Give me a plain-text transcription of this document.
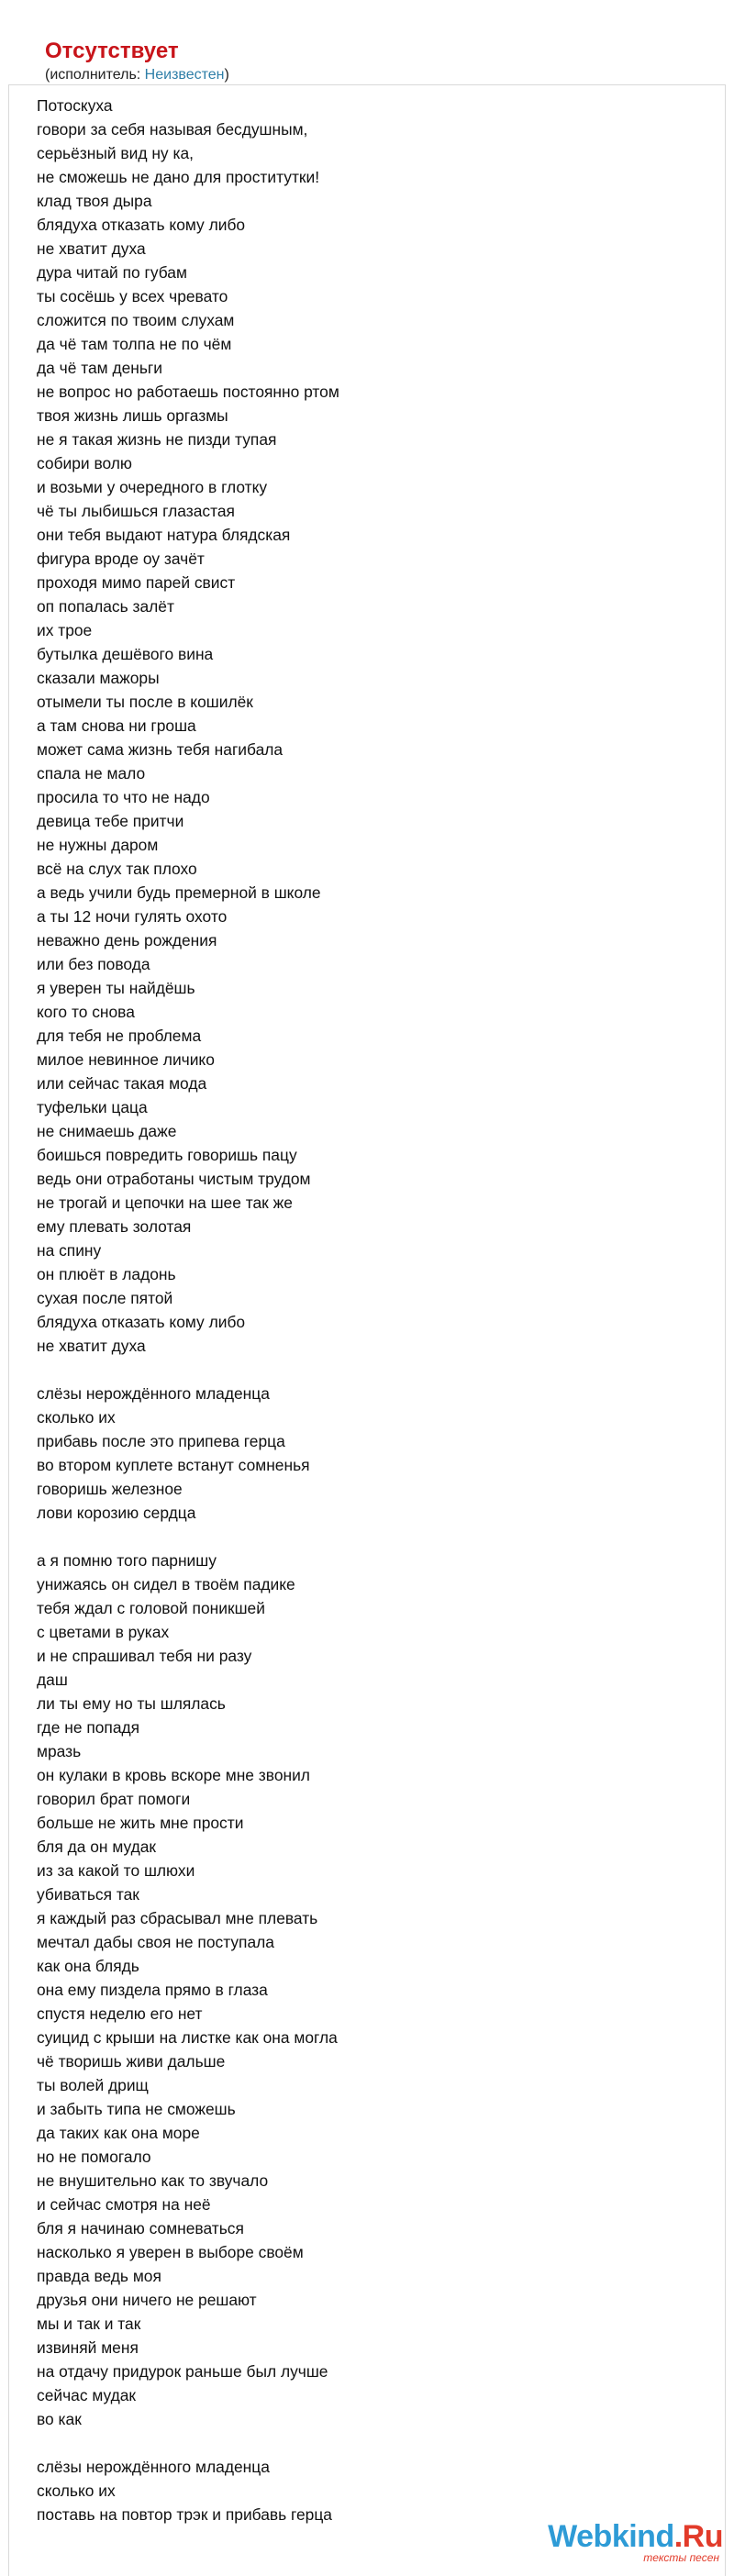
Отсутствует
(исполнитель: Неизвестен)
Потоскуха
говори за себя называя бесдушным,
серьёзный вид ну ка,
не сможешь не дано для проститутки!
клад твоя дыра
блядуха отказать кому либо
не хватит духа
дура читай по губам
ты сосёшь у всех чревато
сложится по твоим слухам
да чё там толпа не по чём
да чё там деньги
не вопрос но работаешь постоянно ртом
твоя жизнь лишь оргазмы
не я такая жизнь не пизди тупая
собири волю
и возьми у очередного в глотку
чё ты лыбишься глазастая
они тебя выдают натура блядская
фигура вроде оу зачёт
проходя мимо парей свист
оп попалась залёт
их трое
бутылка дешёвого вина
сказали мажоры
отымели ты после в кошилёк
а там снова ни гроша
может сама жизнь тебя нагибала
спала не мало
просила то что не надо
девица тебе притчи
не нужны даром
всё на слух так плохо
а ведь учили будь премерной в школе
а ты 12 ночи гулять охото
неважно день рождения
или без повода
я уверен ты найдёшь
кого то снова
для тебя не проблема
милое невинное личико
или сейчас такая мода
туфельки цаца
не снимаешь даже
боишься повредить говоришь пацу
ведь они отработаны чистым трудом
не трогай и цепочки на шее так же
ему плевать золотая
на спину
он плюёт в ладонь
сухая после пятой
блядуха отказать кому либо
не хватит духа
слёзы нерождённого младенца
сколько их
прибавь после это припева герца
во втором куплете встанут сомненья
говоришь железное
лови корозию сердца
а я помню того парнишу
унижаясь он сидел в твоём падике
тебя ждал с головой поникшей
с цветами в руках
и не спрашивал тебя ни разу
даш
ли ты ему но ты шлялась
где не попадя
мразь
он кулаки в кровь вскоре мне звонил
говорил брат помоги
больше не жить мне прости
бля да он мудак
из за какой то шлюхи
убиваться так
я каждый раз сбрасывал мне плевать
мечтал дабы своя не поступала
как она блядь
она ему пиздела прямо в глаза
спустя неделю его нет
суицид с крыши на листке как она могла
чё творишь живи дальше
ты волей дрищ
и забыть типа не сможешь
да таких как она море
но не помогало
не внушительно как то звучало
и сейчас смотря на неё
бля я начинаю сомневаться
насколько я уверен в выборе своём
правда ведь моя
друзья они ничего не решают
мы и так и так
извиняй меня
на отдачу придурок раньше был лучше
сейчас мудак
во как
слёзы нерождённого младенца
сколько их
поставь на повтор трэк и прибавь герца
Webkind.Ru
тексты песен
